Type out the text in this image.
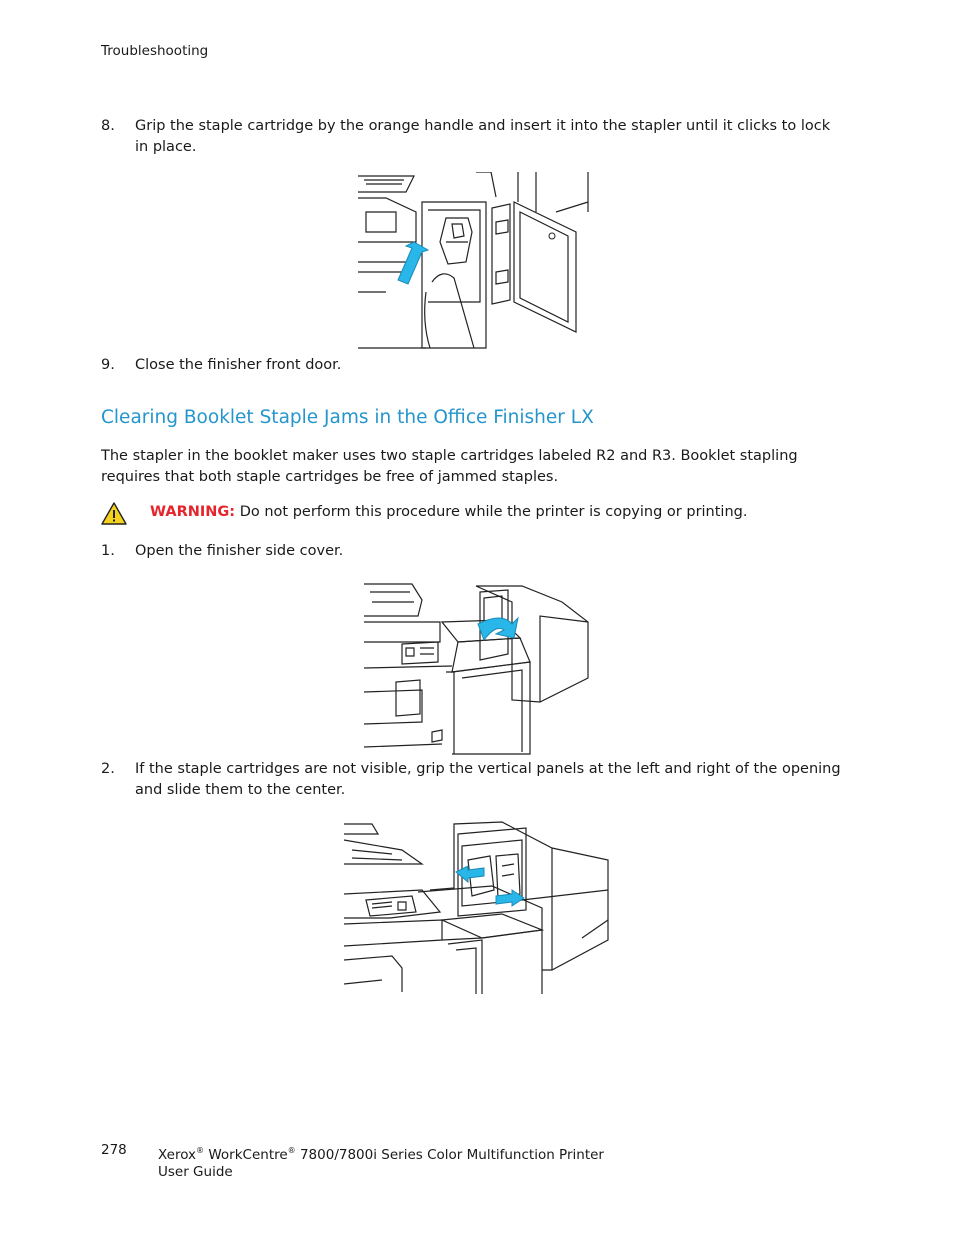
Troubleshooting
8.	Grip the staple cartridge by the orange handle and insert it into the stapler until it clicks to lock in place.
9.	Close the finisher front door.
Clearing Booklet Staple Jams in the Office Finisher LX
The stapler in the booklet maker uses two staple cartridges labeled R2 and R3. Booklet stapling requires that both staple cartridges be free of jammed staples.
WARNING: Do not perform this procedure while the printer is copying or printing.
1.	Open the finisher side cover.
2.	If the staple cartridges are not visible, grip the vertical panels at the left and right of the opening and slide them to the center.
278 Xerox® WorkCentre® 7800/7800i Series Color Multifunction Printer
User Guide
